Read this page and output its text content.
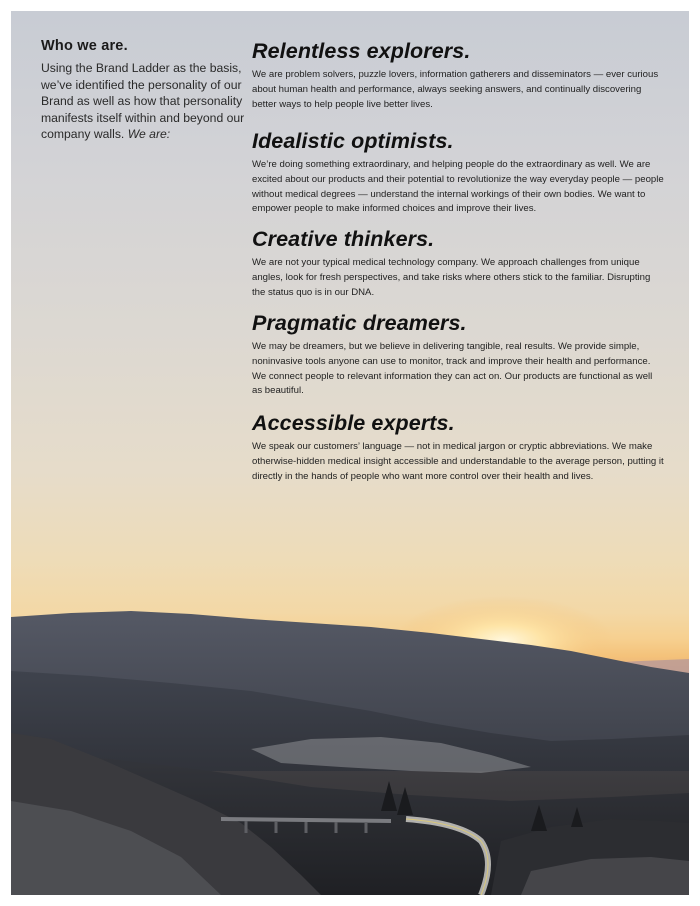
Who we are.

Using the Brand Ladder as the basis, we’ve identified the personality of our Brand as well as how that personality manifests itself within and beyond our company walls. We are:

Relentless explorers.

We are problem solvers, puzzle lovers, information gatherers and disseminators — ever curious about human health and performance, always seeking answers, and continually discovering better ways to help people live better lives.

Idealistic optimists.

We’re doing something extraordinary, and helping people do the extraordinary as well. We are excited about our products and their potential to revolutionize the way everyday people — people without medical degrees — understand the internal workings of their own bodies. We want to empower people to make informed choices and improve their lives.

Creative thinkers.

We are not your typical medical technology company. We approach challenges from unique angles, look for fresh perspectives, and take risks where others stick to the familiar. Disrupting the status quo is in our DNA.

Pragmatic dreamers.

We may be dreamers, but we believe in delivering tangible, real results. We provide simple, noninvasive tools anyone can use to monitor, track and improve their health and performance. We connect people to relevant information they can act on. Our products are functional as well as beautiful.

Accessible experts.

We speak our customers’ language — not in medical jargon or cryptic abbreviations. We make otherwise-hidden medical insight accessible and understandable to the average person, putting it directly in the hands of people who want more control over their health and lives.
